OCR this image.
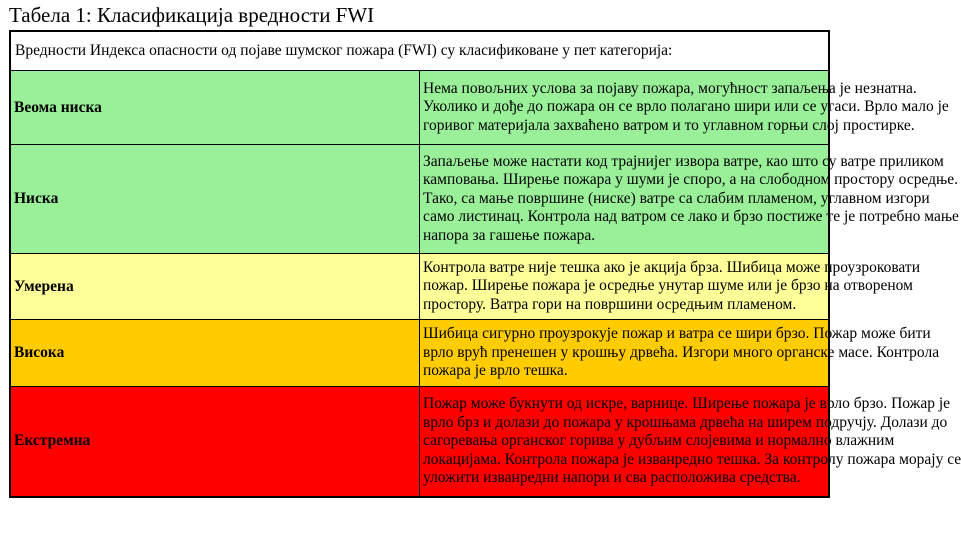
Табела 1: Класификација вредности FWI
Вредности Индекса опасности од појаве шумског пожара (FWI) су класификоване у пет категорија:	
Веома ниска	Нема повољних услова за појаву пожара, могућност запаљења је незнатна.
Уколико и дође до пожара он се врло полагано шири или се угаси. Врло мало је
горивог материјала захваћено ватром и то углавном горњи слој простирке.

Ниска	Запаљење може настати код трајнијег извора ватре, као што су ватре приликом
камповања. Ширење пожара у шуми је споро, а на слободном простору осредње.
Тако, са мање површине (ниске) ватре са слабим пламеном, углавном изгори
само листинац. Контрола над ватром се лако и брзо постиже те је потребно мање
напора за гашење пожара.

Умерена	Контрола ватре није тешка ако је акција брза. Шибица може проузроковати
пожар. Ширење пожара је осредње унутар шуме или је брзо на отвореном
простору. Ватра гори на површини осредњим пламеном.

Висока	Шибица сигурно проузрокује пожар и ватра се шири брзо. Пожар може бити
врло врућ пренешен у крошњу дрвећа. Изгори много органске масе. Контрола
пожара је врло тешка.

Екстремна	Пожар може букнути од искре, варнице. Ширење пожара је врло брзо. Пожар је
врло брз и долази до пожара у крошњама дрвећа на ширем подручју. Долази до
сагоревања органског горива у дубљим слојевима и нормално влажним
локацијама. Контрола пожара је изванредно тешка. За контролу пожара морају се
уложити изванредни напори и сва расположива средства.
